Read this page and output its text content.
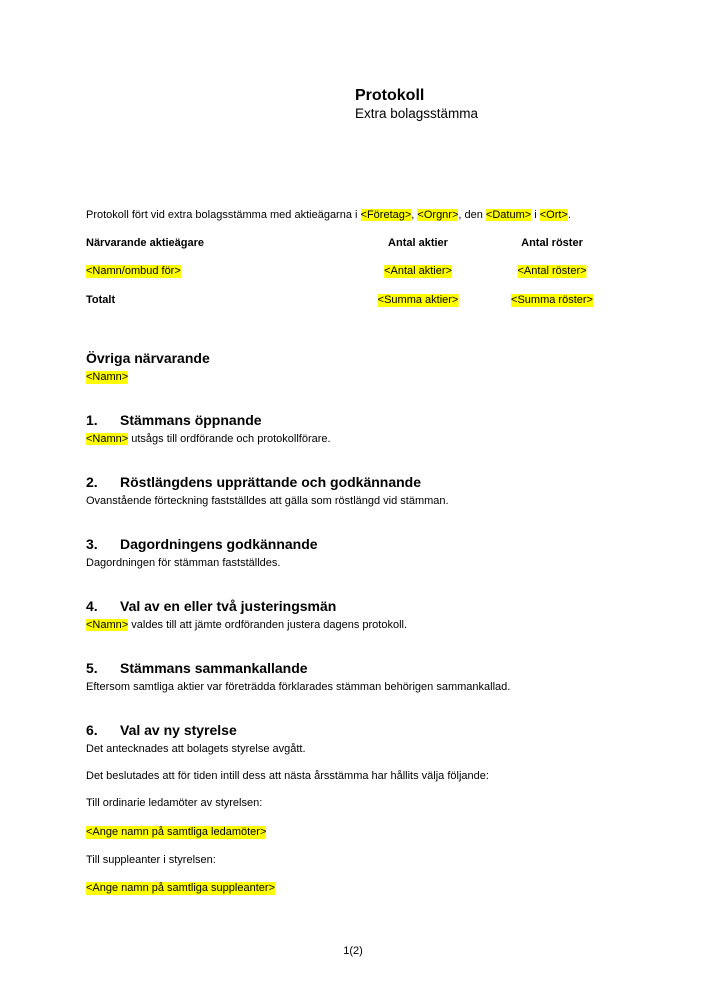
Protokoll
Extra bolagsstämma
Protokoll fört vid extra bolagsstämma med aktieägarna i <Företag>, <Orgnr>, den <Datum> i <Ort>.
Närvarande aktieägare	Antal aktier	Antal röster
<Namn/ombud för>	<Antal aktier>	<Antal röster>
Totalt	<Summa aktier>	<Summa röster>
Övriga närvarande
<Namn>
1. Stämmans öppnande
<Namn> utsågs till ordförande och protokollförare.
2. Röstlängdens upprättande och godkännande
Ovanstående förteckning fastställdes att gälla som röstlängd vid stämman.
3. Dagordningens godkännande
Dagordningen för stämman fastställdes.
4. Val av en eller två justeringsmän
<Namn> valdes till att jämte ordföranden justera dagens protokoll.
5. Stämmans sammankallande
Eftersom samtliga aktier var företrädda förklarades stämman behörigen sammankallad.
6. Val av ny styrelse
Det antecknades att bolagets styrelse avgått.
Det beslutades att för tiden intill dess att nästa årsstämma har hållits välja följande:
Till ordinarie ledamöter av styrelsen:
<Ange namn på samtliga ledamöter>
Till suppleanter i styrelsen:
<Ange namn på samtliga suppleanter>
1(2)
